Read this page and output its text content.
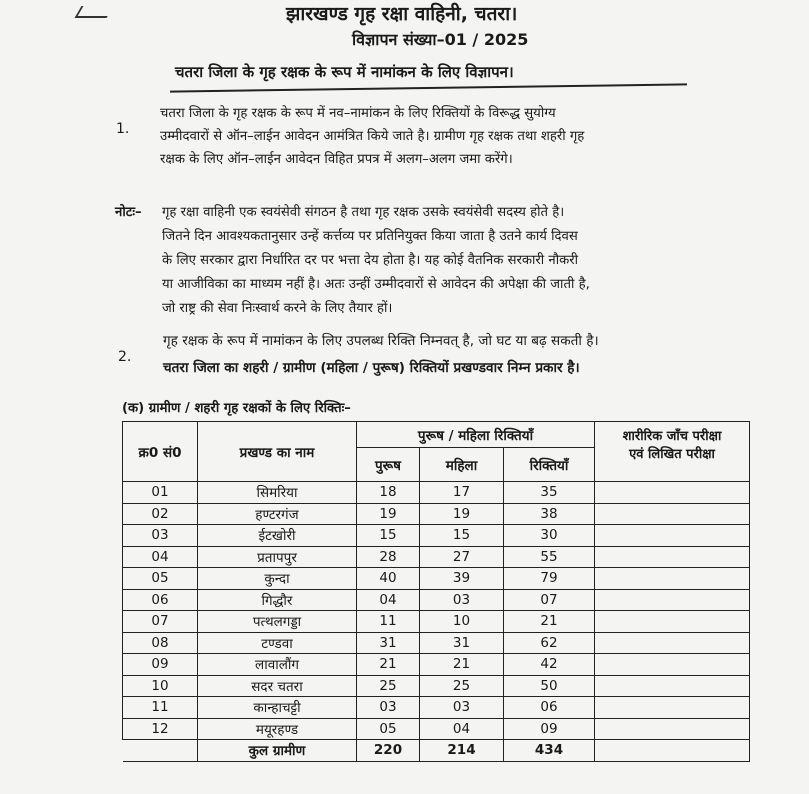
झारखण्ड गृह रक्षा वाहिनी, चतरा।
विज्ञापन संख्या–01 / 2025
चतरा जिला के गृह रक्षक के रूप में नामांकन के लिए विज्ञापन।
1.
चतरा जिला के गृह रक्षक के रूप में नव–नामांकन के लिए रिक्तियों के विरूद्ध सुयोग्य
उम्मीदवारों से ऑन–लाईन आवेदन आमंत्रित किये जाते है। ग्रामीण गृह रक्षक तथा शहरी गृह
रक्षक के लिए ऑन–लाईन आवेदन विहित प्रपत्र में अलग–अलग जमा करेंगे।
नोटः– गृह रक्षा वाहिनी एक स्वयंसेवी संगठन है तथा गृह रक्षक उसके स्वयंसेवी सदस्य होते है।
जितने दिन आवश्यकतानुसार उन्हें कर्त्तव्य पर प्रतिनियुक्त किया जाता है उतने कार्य दिवस
के लिए सरकार द्वारा निर्धारित दर पर भत्ता देय होता है। यह कोई वैतनिक सरकारी नौकरी
या आजीविका का माध्यम नहीं है। अतः उन्हीं उम्मीदवारों से आवेदन की अपेक्षा की जाती है,
जो राष्ट्र की सेवा निःस्वार्थ करने के लिए तैयार हों।
2.
गृह रक्षक के रूप में नामांकन के लिए उपलब्ध रिक्ति निम्नवत् है, जो घट या बढ़ सकती है।
चतरा जिला का शहरी / ग्रामीण (महिला / पुरूष) रिक्तियों प्रखण्डवार निम्न प्रकार है।
(क) ग्रामीण / शहरी गृह रक्षकों के लिए रिक्तिः–
क्र0 सं0	प्रखण्ड का नाम	पुरूष / महिला रिक्तियाँ			शारीरिक जाँच परीक्षा
एवं लिखित परीक्षा

		पुरूष	महिला	रिक्तियाँ	
01	सिमरिया	18	17	35	
02	हण्टरगंज	19	19	38	
03	ईटखोरी	15	15	30	
04	प्रतापपुर	28	27	55	
05	कुन्दा	40	39	79	
06	गिद्धौर	04	03	07	
07	पत्थलगड्डा	11	10	21	
08	टण्डवा	31	31	62	
09	लावालौंग	21	21	42	
10	सदर चतरा	25	25	50	
11	कान्हाचट्टी	03	03	06	
12	मयूरहण्ड	05	04	09	
	कुल ग्रामीण	220	214	434	
